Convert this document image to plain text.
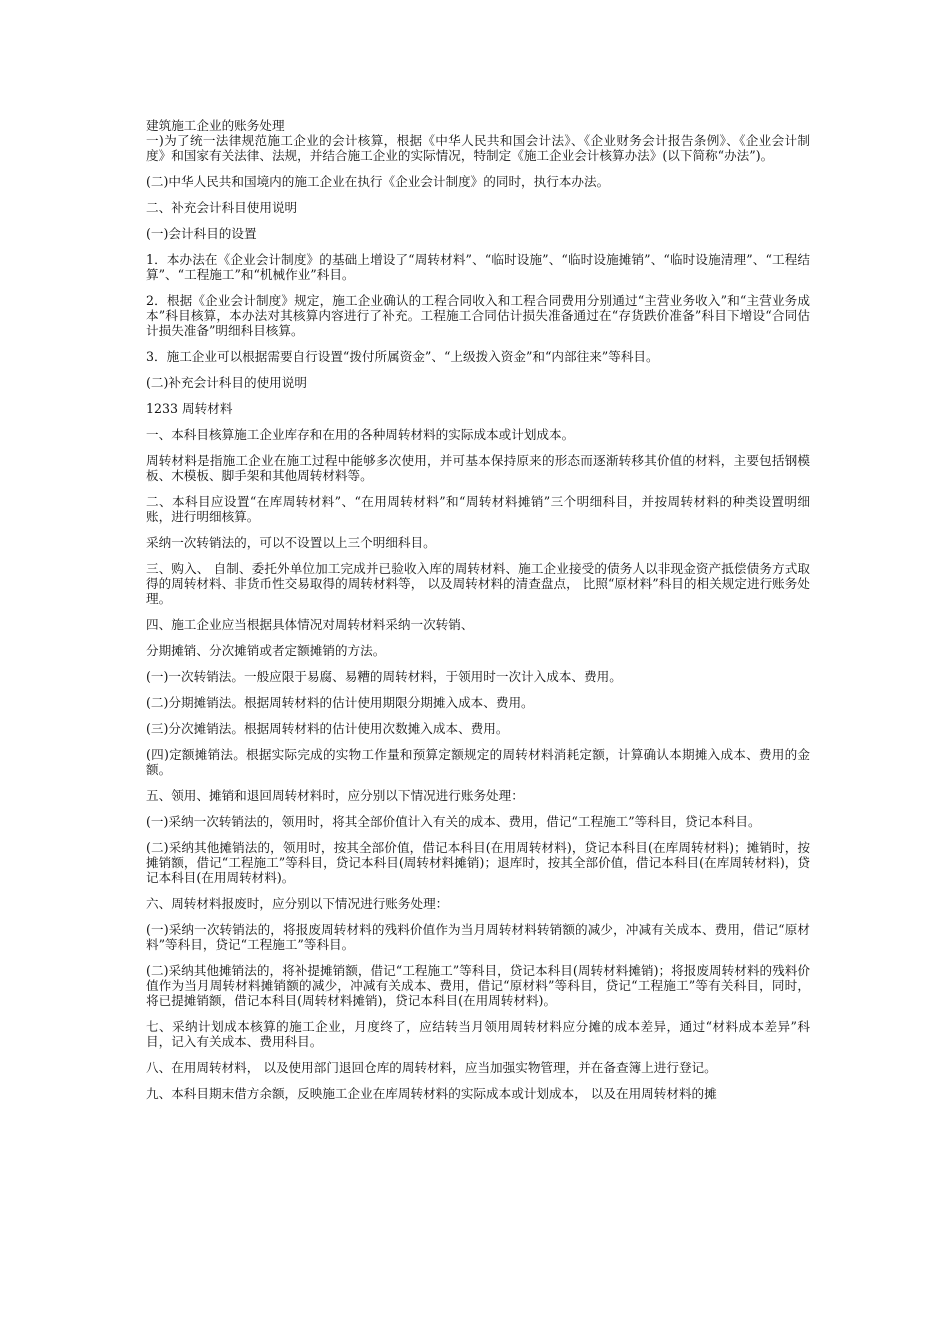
建筑施工企业的账务处理

一)为了统一法律规范施工企业的会计核算，根据《中华人民共和国会计法》、《企业财务会计报告条例》、《企业会计制度》和国家有关法律、法规，并结合施工企业的实际情况，特制定《施工企业会计核算办法》(以下简称“办法”)。

(二)中华人民共和国境内的施工企业在执行《企业会计制度》的同时，执行本办法。

二、补充会计科目使用说明

(一)会计科目的设置

1．本办法在《企业会计制度》的基础上增设了“周转材料”、“临时设施”、“临时设施摊销”、“临时设施清理”、“工程结算”、“工程施工”和“机械作业”科目。

2．根据《企业会计制度》规定，施工企业确认的工程合同收入和工程合同费用分别通过“主营业务收入”和“主营业务成本”科目核算，本办法对其核算内容进行了补充。工程施工合同估计损失准备通过在“存货跌价准备”科目下增设“合同估计损失准备”明细科目核算。

3．施工企业可以根据需要自行设置“拨付所属资金”、“上级拨入资金”和“内部往来”等科目。

(二)补充会计科目的使用说明

1233 周转材料

一、本科目核算施工企业库存和在用的各种周转材料的实际成本或计划成本。

周转材料是指施工企业在施工过程中能够多次使用，并可基本保持原来的形态而逐渐转移其价值的材料，主要包括钢模板、木模板、脚手架和其他周转材料等。

二、本科目应设置“在库周转材料”、“在用周转材料”和“周转材料摊销”三个明细科目，并按周转材料的种类设置明细账，进行明细核算。

采纳一次转销法的，可以不设置以上三个明细科目。

三、购入、 自制、委托外单位加工完成并已验收入库的周转材料、施工企业接受的债务人以非现金资产抵偿债务方式取得的周转材料、非货币性交易取得的周转材料等， 以及周转材料的清查盘点， 比照“原材料”科目的相关规定进行账务处理。

四、施工企业应当根据具体情况对周转材料采纳一次转销、

分期摊销、分次摊销或者定额摊销的方法。

(一)一次转销法。一般应限于易腐、易糟的周转材料，于领用时一次计入成本、费用。

(二)分期摊销法。根据周转材料的估计使用期限分期摊入成本、费用。

(三)分次摊销法。根据周转材料的估计使用次数摊入成本、费用。

(四)定额摊销法。根据实际完成的实物工作量和预算定额规定的周转材料消耗定额，计算确认本期摊入成本、费用的金额。

五、领用、摊销和退回周转材料时，应分别以下情况进行账务处理：

(一)采纳一次转销法的，领用时，将其全部价值计入有关的成本、费用，借记“工程施工”等科目，贷记本科目。

(二)采纳其他摊销法的，领用时，按其全部价值，借记本科目(在用周转材料)，贷记本科目(在库周转材料)；摊销时，按摊销额，借记“工程施工”等科目，贷记本科目(周转材料摊销)；退库时，按其全部价值，借记本科目(在库周转材料)，贷记本科目(在用周转材料)。

六、周转材料报废时，应分别以下情况进行账务处理：

(一)采纳一次转销法的，将报废周转材料的残料价值作为当月周转材料转销额的减少，冲减有关成本、费用，借记“原材料”等科目，贷记“工程施工”等科目。

(二)采纳其他摊销法的，将补提摊销额，借记“工程施工”等科目，贷记本科目(周转材料摊销)；将报废周转材料的残料价值作为当月周转材料摊销额的减少，冲减有关成本、费用，借记“原材料”等科目，贷记“工程施工”等有关科目，同时，将已提摊销额，借记本科目(周转材料摊销)，贷记本科目(在用周转材料)。

七、采纳计划成本核算的施工企业，月度终了，应结转当月领用周转材料应分摊的成本差异，通过“材料成本差异”科目，记入有关成本、费用科目。

八、在用周转材料， 以及使用部门退回仓库的周转材料，应当加强实物管理，并在备查簿上进行登记。

九、本科目期末借方余额，反映施工企业在库周转材料的实际成本或计划成本， 以及在用周转材料的摊
